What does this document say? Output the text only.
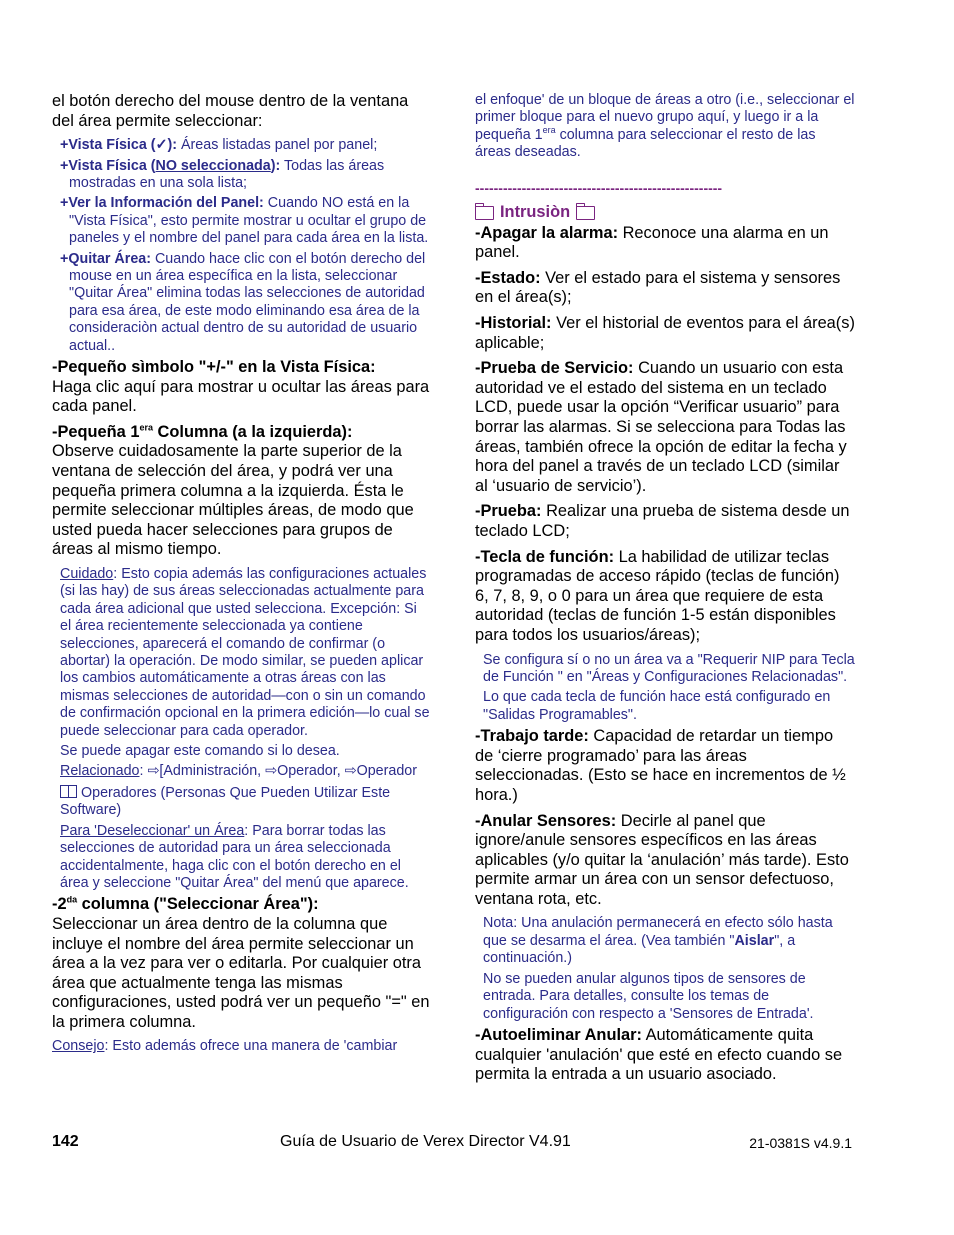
el botón derecho del mouse dentro de la ventana del área permite seleccionar:

+Vista Física (✓): Áreas listadas panel por panel;

+Vista Física (NO seleccionada): Todas las áreas mostradas en una sola lista;

+Ver la Información del Panel: Cuando NO está en la "Vista Física", esto permite mostrar u ocultar el grupo de paneles y el nombre del panel para cada área en la lista.

+Quitar Área: Cuando hace clic con el botón derecho del mouse en un área específica en la lista, seleccionar "Quitar Área" elimina todas las selecciones de autoridad para esa área, de este modo eliminando esa área de la consideraciòn actual dentro de su autoridad de usuario actual..

-Pequeño sìmbolo "+/-" en la Vista Física:
Haga clic aquí para mostrar u ocultar las áreas para cada panel.

-Pequeña $1^{era}$ Columna (a la izquierda):
Observe cuidadosamente la parte superior de la ventana de selección del área, y podrá ver una pequeña primera columna a la izquierda. Ésta le permite seleccionar múltiples áreas, de modo que usted pueda hacer selecciones para grupos de áreas al mismo tiempo.

Cuidado: Esto copia además las configuraciones actuales (si las hay) de sus áreas seleccionadas actualmente para cada área adicional que usted selecciona. Excepción: Si el área recientemente seleccionada ya contiene selecciones, aparecerá el comando de confirmar (o abortar) la operación. De modo similar, se pueden aplicar los cambios automáticamente a otras áreas con las mismas selecciones de autoridad—con o sin un comando de confirmación opcional en la primera edición—lo cual se puede seleccionar para cada operador.

Se puede apagar este comando si lo desea.

Relacionado: ⇨[Administración, ⇨Operador, ⇨Operador

Operadores (Personas Que Pueden Utilizar Este Software)

Para 'Deseleccionar' un Área: Para borrar todas las selecciones de autoridad para un área seleccionada accidentalmente, haga clic con el botón derecho en el área y seleccione "Quitar Área" del menú que aparece.

$-2^{da}$ columna ("Seleccionar Área"):
Seleccionar un área dentro de la columna que incluye el nombre del área permite seleccionar un área a la vez para ver o editarla. Por cualquier otra área que actualmente tenga las mismas configuraciones, usted podrá ver un pequeño "=" en la primera columna.

Consejo: Esto además ofrece una manera de 'cambiar

el enfoque' de un bloque de áreas a otro (i.e., seleccionar el primer bloque para el nuevo grupo aquí, y luego ir a la pequeña $1^{era}$ columna para seleccionar el resto de las áreas deseadas.

-----------------------------------------------------
Intrusiòn

-Apagar la alarma: Reconoce una alarma en un panel.

-Estado: Ver el estado para el sistema y sensores en el área(s);

-Historial: Ver el historial de eventos para el área(s) aplicable;

-Prueba de Servicio: Cuando un usuario con esta autoridad ve el estado del sistema en un teclado LCD, puede usar la opción “Verificar usuario” para borrar las alarmas. Si se selecciona para Todas las áreas, también ofrece la opción de editar la fecha y hora del panel a través de un teclado LCD (similar al ‘usuario de servicio’).

-Prueba: Realizar una prueba de sistema desde un teclado LCD;

-Tecla de función: La habilidad de utilizar teclas programadas de acceso rápido (teclas de función) 6, 7, 8, 9, o 0 para un área que requiere de esta autoridad (teclas de función 1-5 están disponibles para todos los usuarios/áreas);

Se configura sí o no un área va a "Requerir NIP para Tecla de Función " en "Áreas y Configuraciones Relacionadas".

Lo que cada tecla de función hace está configurado en "Salidas Programables".

-Trabajo tarde: Capacidad de retardar un tiempo de ‘cierre programado’ para las áreas seleccionadas. (Esto se hace en incrementos de ½ hora.)

-Anular Sensores: Decirle al panel que ignore/anule sensores específicos en las áreas aplicables (y/o quitar la ‘anulación’ más tarde). Esto permite armar un área con un sensor defectuoso, ventana rota, etc.

Nota: Una anulación permanecerá en efecto sólo hasta que se desarma el área. (Vea también "Aislar", a continuación.)

No se pueden anular algunos tipos de sensores de entrada. Para detalles, consulte los temas de configuración con respecto a 'Sensores de Entrada'.

-Autoeliminar Anular: Automáticamente quita cualquier 'anulación' que esté en efecto cuando se permita la entrada a un usuario asociado.

142	Guía de Usuario de Verex Director V4.91	21-0381S v4.9.1
